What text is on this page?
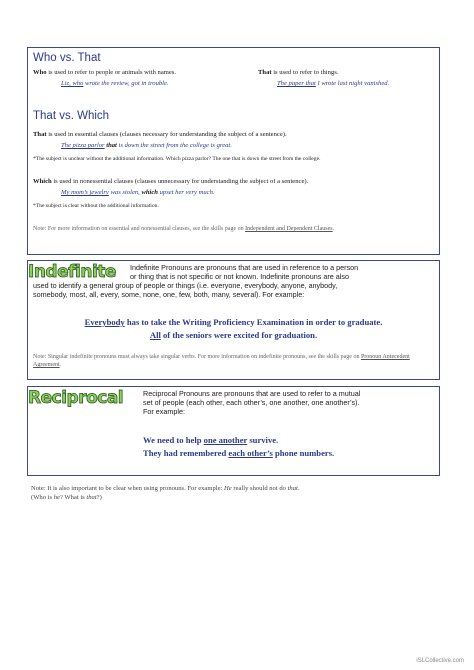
Who vs. That
Who is used to refer to people or animals with names.
Liz, who wrote the review, got in trouble.
That is used to refer to things.
The paper that I wrote last night vanished.
That vs. Which
That is used in essential clauses (clauses necessary for understanding the subject of a sentence).
The pizza parlor that is down the street from the college is great.
*The subject is unclear without the additional information. Which pizza parlor? The one that is down the street from the college.
Which is used in nonessential clauses (clauses unnecessary for understanding the subject of a sentence).
My mom’s jewelry was stolen, which upset her very much.
*The subject is clear without the additional information.
Note: For more information on essential and nonessential clauses, see the skills page on Independent and Dependent Clauses.
Indefinite Indefinite Pronouns are pronouns that are used in reference to a person
or thing that is not specific or not known. Indefinite pronouns are also
used to identify a general group of people or things (i.e. everyone, everybody, anyone, anybody,
somebody, most, all, every, some, none, one, few, both, many, several). For example:
Everybody has to take the Writing Proficiency Examination in order to graduate.
All of the seniors were excited for graduation.
Note: Singular indefinite pronouns must always take singular verbs. For more information on indefinite pronouns, see the skills page on Pronoun Antecedent Agreement.
Reciprocal	Reciprocal Pronouns are pronouns that are used to refer to a mutual
set of people (each other, each other’s, one another, one another’s).
For example:
We need to help one another survive.
They had remembered each other’s phone numbers.
Note: It is also important to be clear when using pronouns. For example: He really should not do that.
(Who is he? What is that?)
iSLCollective.com
